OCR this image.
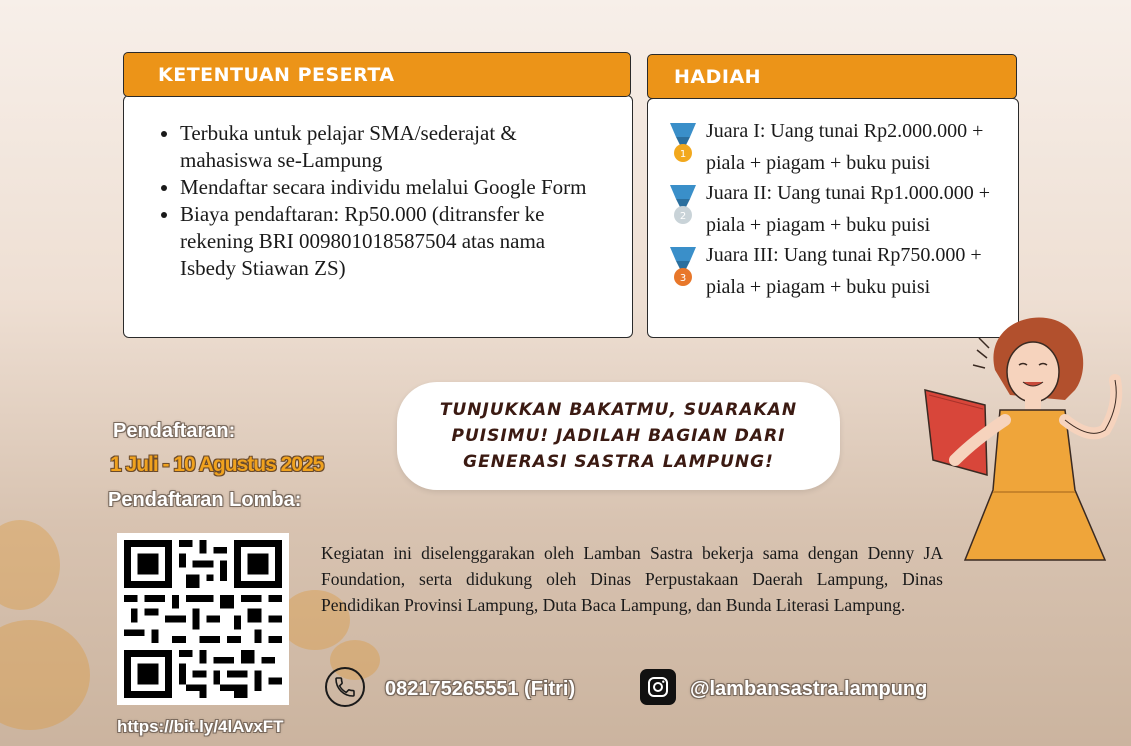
• Terbuka untuk pelajar SMA/sederajat & mahasiswa se-Lampung
• Mendaftar secara individu melalui Google Form
• Biaya pendaftaran: Rp50.000 (ditransfer ke rekening BRI 009801018587504 atas nama Isbedy Stiawan ZS)
KETENTUAN PESERTA
1
Juara I: Uang tunai Rp2.000.000 + piala + piagam + buku puisi
2
Juara II: Uang tunai Rp1.000.000 + piala + piagam + buku puisi
3
Juara III: Uang tunai Rp750.000 + piala + piagam + buku puisi
HADIAH
TUNJUKKAN BAKATMU, SUARAKAN PUISIMU! JADILAH BAGIAN DARI GENERASI SASTRA LAMPUNG!
Pendaftaran:
1 Juli - 10 Agustus 2025
Pendaftaran Lomba:
https://bit.ly/4lAvxFT
Kegiatan ini diselenggarakan oleh Lamban Sastra bekerja sama dengan Denny JA Foundation, serta didukung oleh Dinas Perpustakaan Daerah Lampung, Dinas Pendidikan Provinsi Lampung, Duta Baca Lampung, dan Bunda Literasi Lampung.
082175265551 (Fitri)	@lambansastra.lampung
